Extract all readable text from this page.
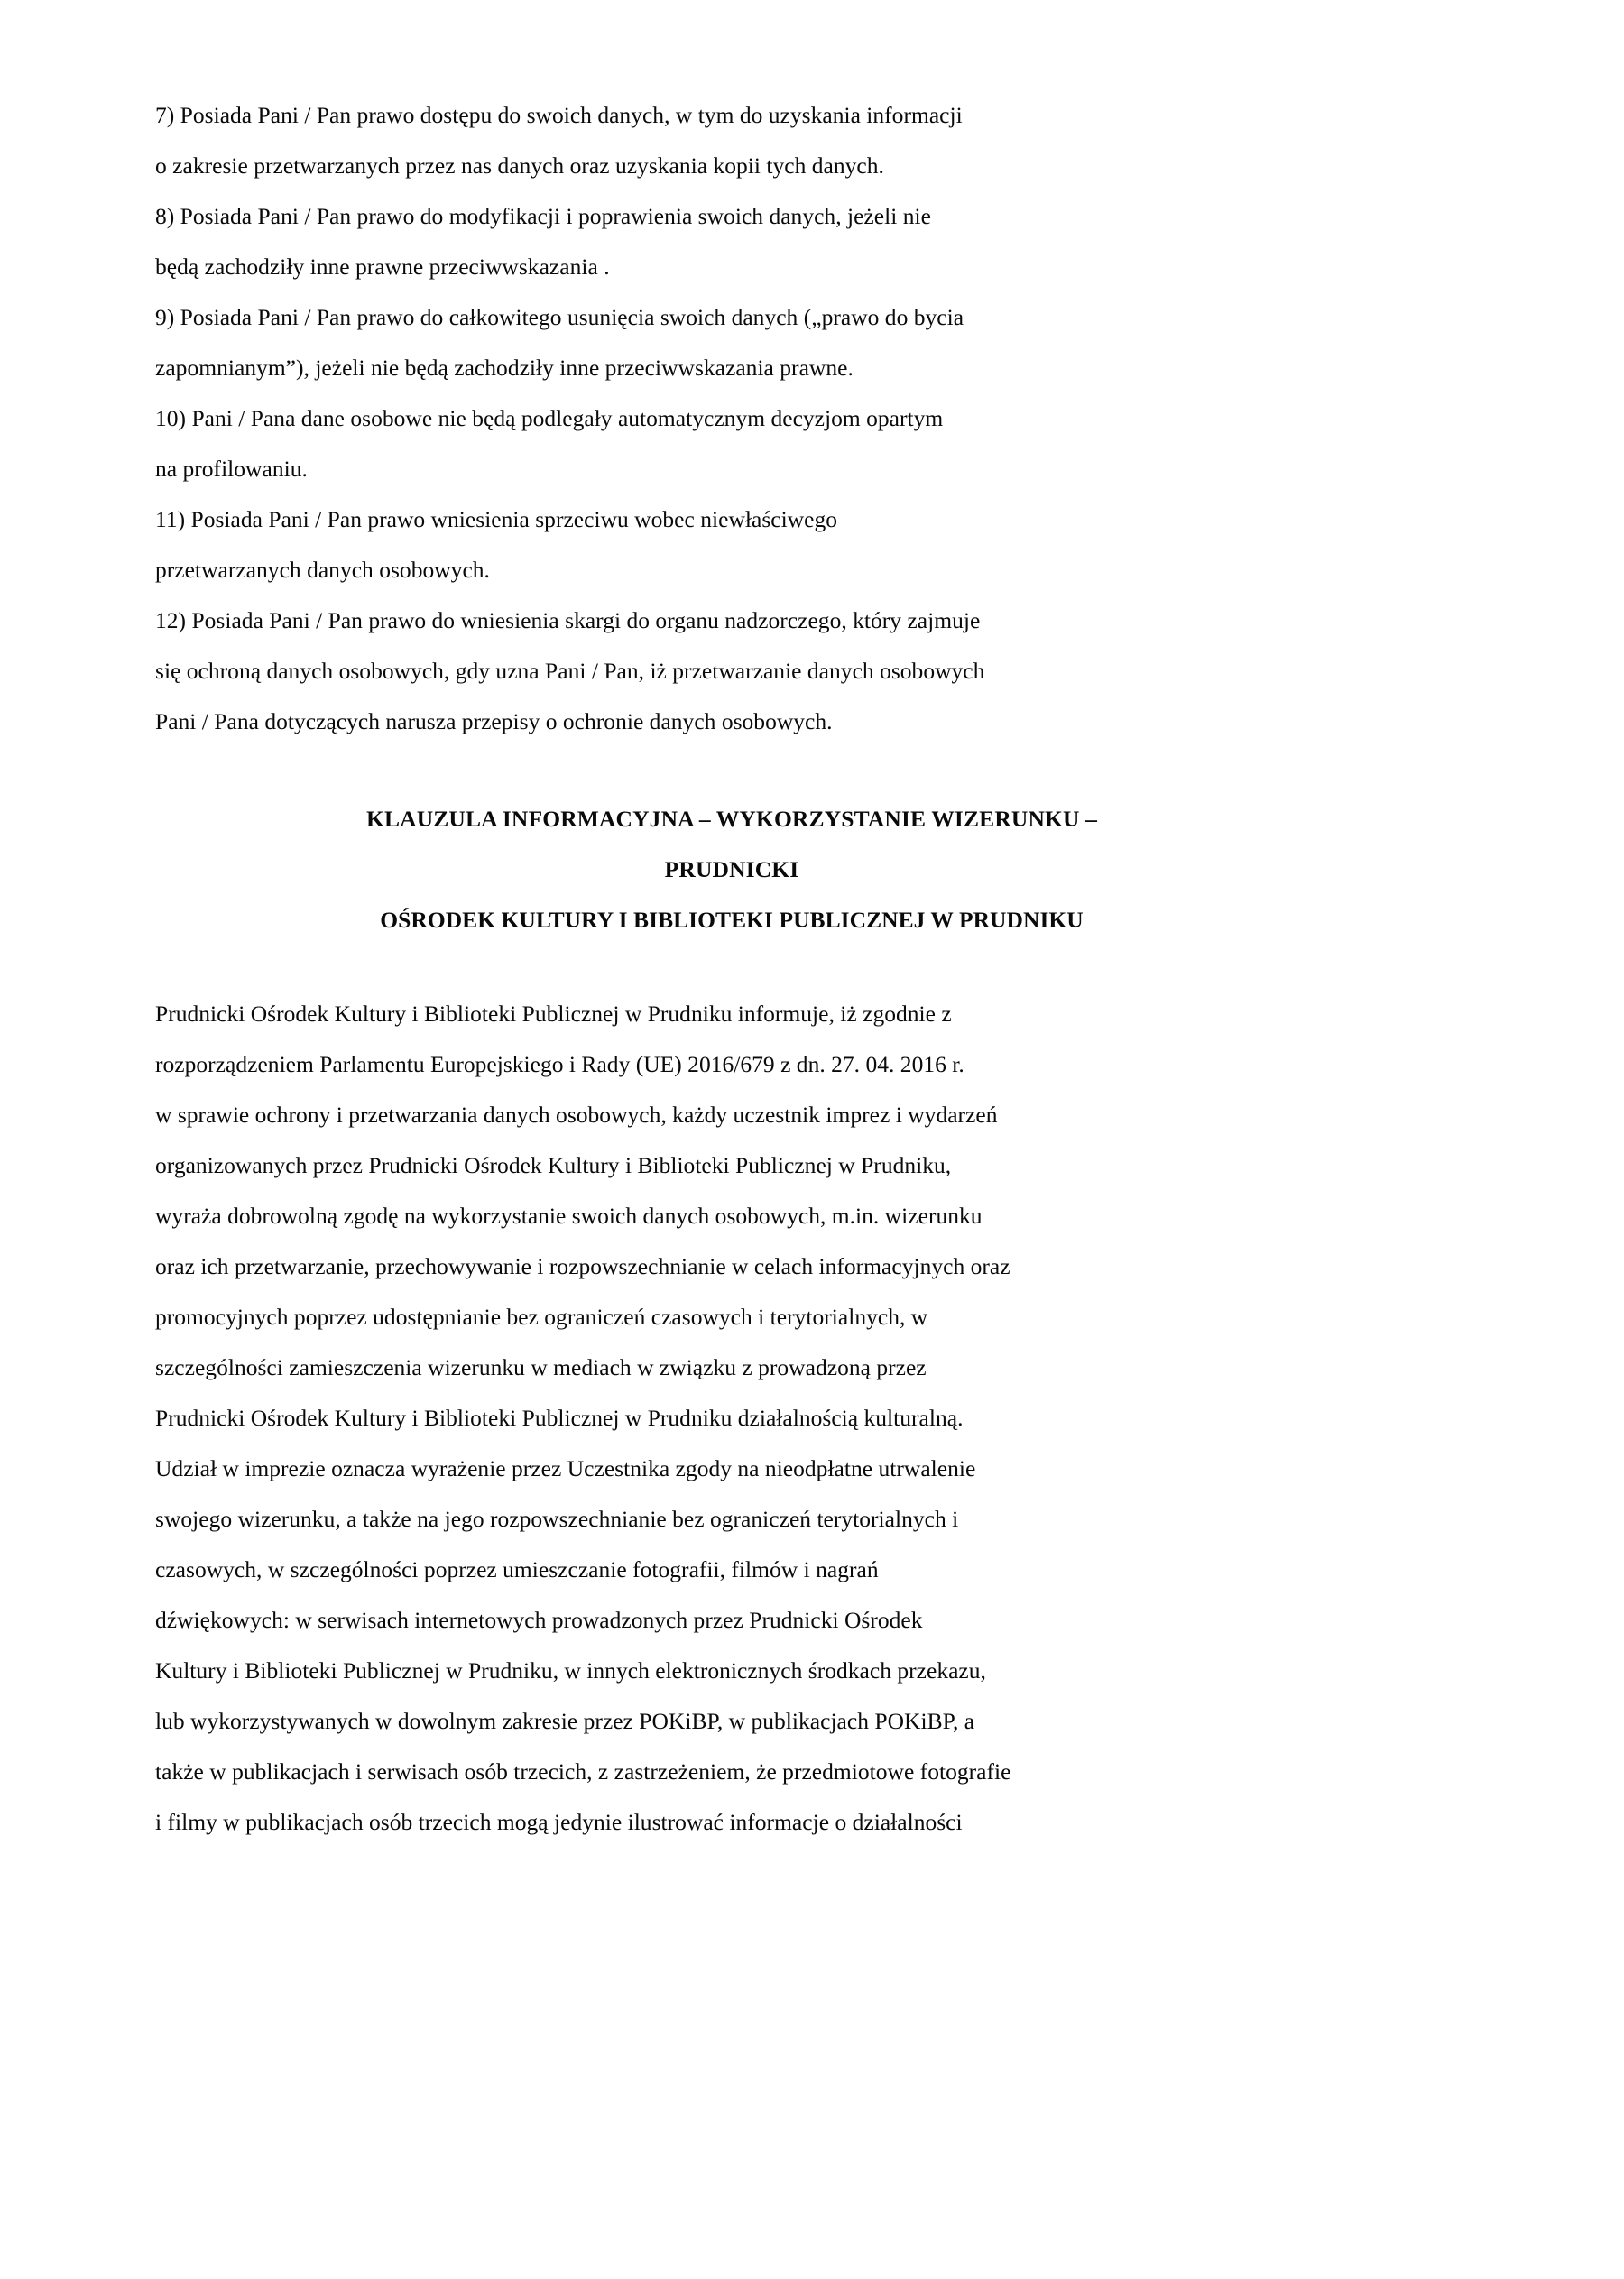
7) Posiada Pani / Pan prawo dostępu do swoich danych, w tym do uzyskania informacji
o zakresie przetwarzanych przez nas danych oraz uzyskania kopii tych danych.
8) Posiada Pani / Pan prawo do modyfikacji i poprawienia swoich danych, jeżeli nie
będą zachodziły inne prawne przeciwwskazania .
9) Posiada Pani / Pan prawo do całkowitego usunięcia swoich danych („prawo do bycia
zapomnianym”), jeżeli nie będą zachodziły inne przeciwwskazania prawne.
10) Pani / Pana dane osobowe nie będą podlegały automatycznym decyzjom opartym
na profilowaniu.
11) Posiada Pani / Pan prawo wniesienia sprzeciwu wobec niewłaściwego
przetwarzanych danych osobowych.
12) Posiada Pani / Pan prawo do wniesienia skargi do organu nadzorczego, który zajmuje
się ochroną danych osobowych, gdy uzna Pani / Pan, iż przetwarzanie danych osobowych
Pani / Pana dotyczących narusza przepisy o ochronie danych osobowych.
KLAUZULA INFORMACYJNA – WYKORZYSTANIE WIZERUNKU –
PRUDNICKI
OŚRODEK KULTURY I BIBLIOTEKI PUBLICZNEJ W PRUDNIKU
Prudnicki Ośrodek Kultury i Biblioteki Publicznej w Prudniku informuje, iż zgodnie z
rozporządzeniem Parlamentu Europejskiego i Rady (UE) 2016/679 z dn. 27. 04. 2016 r.
w sprawie ochrony i przetwarzania danych osobowych, każdy uczestnik imprez i wydarzeń
organizowanych przez Prudnicki Ośrodek Kultury i Biblioteki Publicznej w Prudniku,
wyraża dobrowolną zgodę na wykorzystanie swoich danych osobowych, m.in. wizerunku
oraz ich przetwarzanie, przechowywanie i rozpowszechnianie w celach informacyjnych oraz
promocyjnych poprzez udostępnianie bez ograniczeń czasowych i terytorialnych, w
szczególności zamieszczenia wizerunku w mediach w związku z prowadzoną przez
Prudnicki Ośrodek Kultury i Biblioteki Publicznej w Prudniku działalnością kulturalną.
Udział w imprezie oznacza wyrażenie przez Uczestnika zgody na nieodpłatne utrwalenie
swojego wizerunku, a także na jego rozpowszechnianie bez ograniczeń terytorialnych i
czasowych, w szczególności poprzez umieszczanie fotografii, filmów i nagrań
dźwiękowych: w serwisach internetowych prowadzonych przez Prudnicki Ośrodek
Kultury i Biblioteki Publicznej w Prudniku, w innych elektronicznych środkach przekazu,
lub wykorzystywanych w dowolnym zakresie przez POKiBP, w publikacjach POKiBP, a
także w publikacjach i serwisach osób trzecich, z zastrzeżeniem, że przedmiotowe fotografie
i filmy w publikacjach osób trzecich mogą jedynie ilustrować informacje o działalności
